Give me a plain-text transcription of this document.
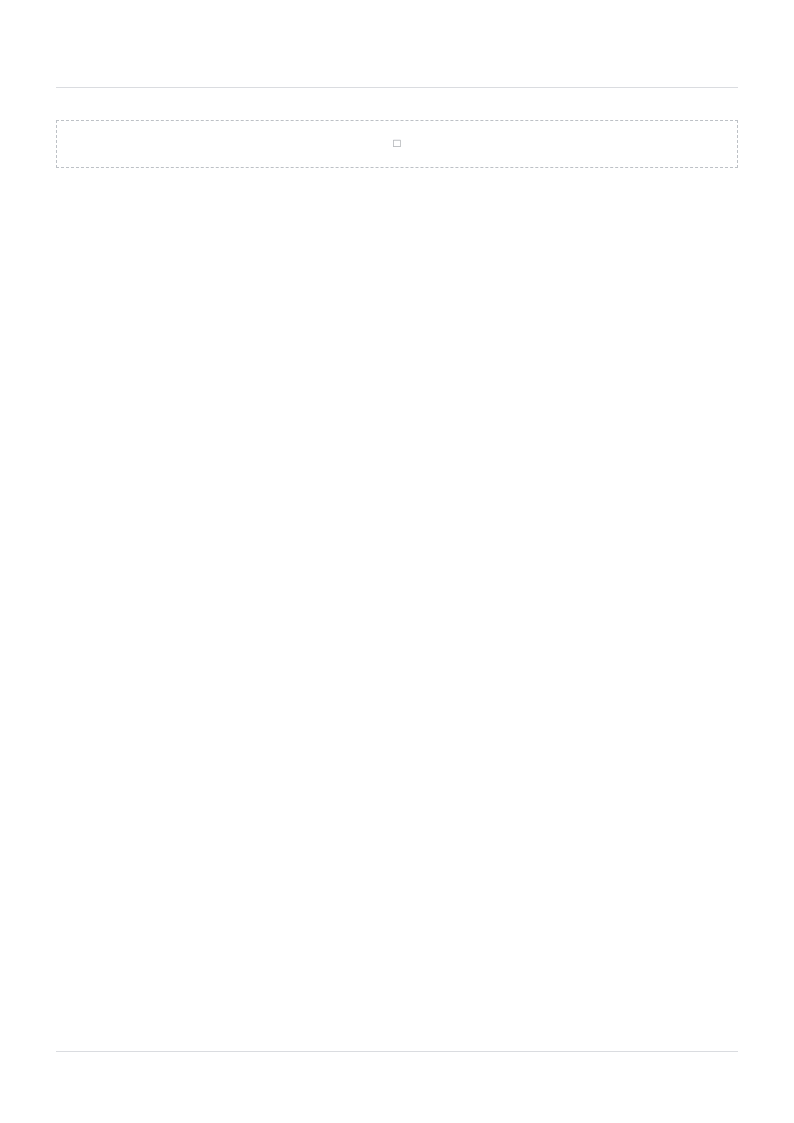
□
